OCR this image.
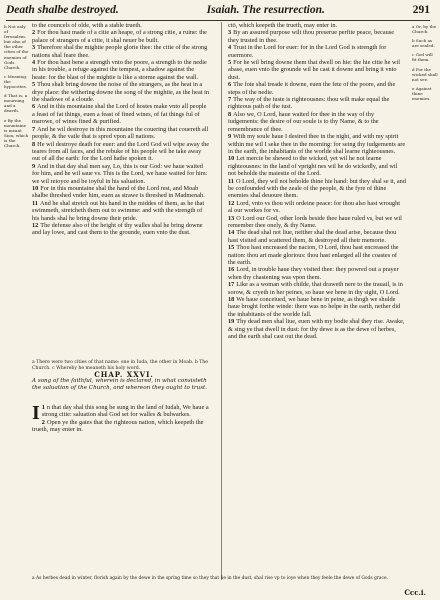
Death shalbe destroyed.	Isaiah. The resurrection.	291
b Not only of Ierusalem, but also of the other cities of the enemies of Gods Church.
c Meaning, the hypocrites.
d That is, a mourning and a dearth.
e By the mountaine is meant Sion, which is the Church.
a Or, by the Church.
b Such as are sealed.
c God will fit them.
d For the wicked shall not see.
e Against thine enemies.
to the councels of olde, with a stable trueth.
2 For thou hast made of a citie an heape, of a strong citie, a ruine: the palace of strangers of a citie, it shal neuer be built.
3 Therefore shal the mightie people glorie thee: the citie of the strong nations shal feare thee.
4 For thou hast bene a strength vnto the poore, a strength to the nedie in his trouble, a refuge against the tempest, a shadow against the heate: for the blast of the mightie is like a storme against the wall.
5 Thou shalt bring downe the noise of the strangers, as the heat in a drye place: the withering downe the song of the mightie, as the heat in the shadowe of a cloude.
6 And in this mountaine shal the Lord of hostes make vnto all people a feast of fat things, euen a feast of fined wines, of fat things ful of marowe, of wines fined & purified.
7 And he wil destroye in this mountaine the couering that couereth all people, & the vaile that is spred vpon all nations.
8 He wil destroye death for euer: and the Lord God wil wipe away the teares from all faces, and the rebuke of his people wil he take away out of all the earth: for the Lord hathe spoken it.
9 And in that day shal men say, Lo, this is our God: we haue waited for him, and he wil saue vs. This is the Lord, we haue waited for him: we wil reioyce and be ioyful in his saluation.
10 For in this mountaine shal the hand of the Lord rest, and Moab shalbe threshed vnder him, euen as strawe is threshed in Madmenah.
11 And he shal stretch out his hand in the middes of them, as he that swimmeth, stretcheth them out to swimme: and with the strength of his hands shal he bring downe their pride.
12 The defense also of the height of thy walles shal he bring downe and lay lowe, and cast them to the grounde, euen vnto the dust.
ctō, which keepeth the trueth, may enter in.
3 By an assured purpose wilt thou preserue perfite peace, because they trusted in thee.
4 Trust in the Lord for euer: for in the Lord God is strength for euermore.
5 For he wil bring downe them that dwell on hie: the hie citie he wil abase, euen vnto the grounde wil he cast it downe and bring it vnto dust.
6 The fote shal treade it downe, euen the fete of the poore, and the steps of the nedie.
7 The way of the iuste is righteousnes: thou wilt make equal the righteous path of the iust.
8 Also we, O Lord, haue waited for thee in the way of thy iudgements: the desire of our soule is to thy Name, & to the remembrance of thee.
9 With my soule haue I desired thee in the night, and with my spirit within me wil I seke thee in the morning: for seing thy iudgements are in the earth, the inhabitants of the worlde shal learne righteousnes.
10 Let mercie be shewed to the wicked, yet wil he not learne righteousnes: in the land of vpright nes wil he do wickedly, and wil not beholde the maiestie of the Lord.
11 O Lord, they wil not beholde thine hie hand: but they shal se it, and be confounded with the zeale of the people, & the fyre of thine enemies shal deuoure them.
12 Lord, vnto vs thou wilt ordeine peace: for thou also hast wrought al our workes for vs.
13 O Lord our God, other lords beside thee haue ruled vs, but we wil remember thee onely, & thy Name.
14 The dead shal not liue, neither shal the dead arise, because thou hast visited and scattered them, & destroyed all their memorie.
15 Thou hast encreased the nacion, O Lord, thou hast encreased the nation: thou art made glorious: thou hast enlarged all the coastes of the earth.
16 Lord, in trouble haue they visited thee: they powred out a prayer when thy chastening was vpon them.
17 Like as a woman with childe, that draweth nere to the trauail, is in sorow, & cryeth in her peines, so haue we bene in thy sight, O Lord.
18 We haue conceiued, we haue bene in peine, as thogh we shulde haue broght forthe winde: there was no helpe in the earth, nether did the inhabitants of the worlde fall.
19 Thy dead men shal liue, euen with my bodie shal they rise. Awake, & sing ye that dwell in dust: for thy dewe is as the dewe of herbes, and the earth shal cast out the dead.
a There were two cities of that name: one in Iuda, the other in Moab. b The Church. c Whereby he meaneth his holy word.
CHAP. XXVI.
A song of the faithful, wherein is declared, in what consisteth the saluation of the Church, and whereon they ought to trust.
I 1 n that day shal this song be sung in the land of Iudah, We haue a strong citie: saluation shal God set for walles & bulwarkes.
2 Open ye the gates that the righteous nation, which keepeth the trueth, may enter in.
a As herbes dead in winter, florish again by the dewe in the spring time so they that lie in the dust, shal rise vp to ioye when they feele the dewe of Gods grace.
Ccc.i.
